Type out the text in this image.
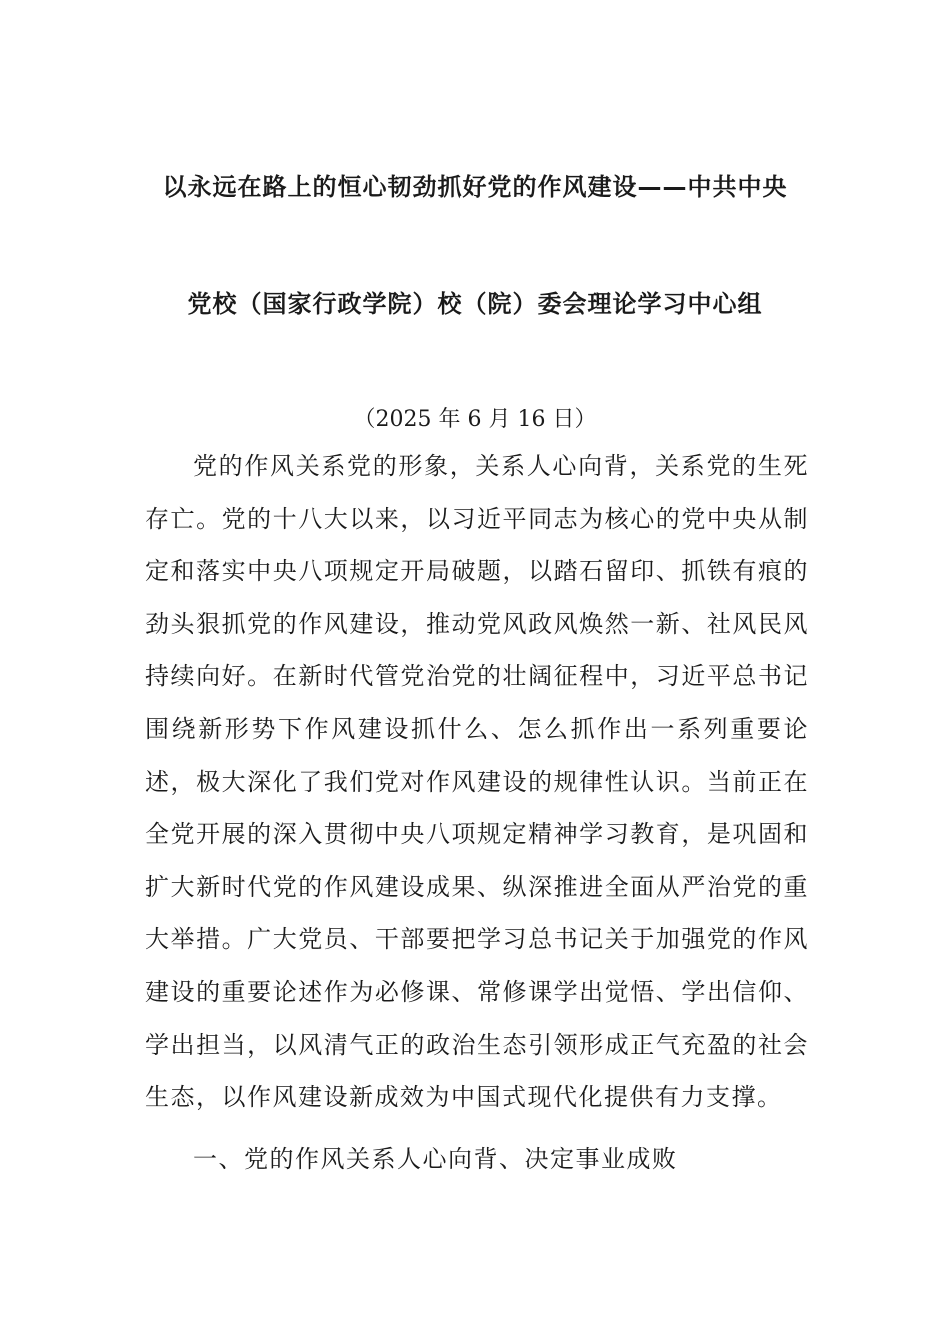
以永远在路上的恒心韧劲抓好党的作风建设——中共中央
党校（国家行政学院）校（院）委会理论学习中心组
（2025 年 6 月 16 日）

党的作风关系党的形象，关系人心向背，关系党的生死存亡。党的十八大以来，以习近平同志为核心的党中央从制定和落实中央八项规定开局破题，以踏石留印、抓铁有痕的劲头狠抓党的作风建设，推动党风政风焕然一新、社风民风持续向好。在新时代管党治党的壮阔征程中，习近平总书记围绕新形势下作风建设抓什么、怎么抓作出一系列重要论述，极大深化了我们党对作风建设的规律性认识。当前正在全党开展的深入贯彻中央八项规定精神学习教育，是巩固和扩大新时代党的作风建设成果、纵深推进全面从严治党的重大举措。广大党员、干部要把学习总书记关于加强党的作风建设的重要论述作为必修课、常修课学出觉悟、学出信仰、学出担当，以风清气正的政治生态引领形成正气充盈的社会生态，以作风建设新成效为中国式现代化提供有力支撑。

一、党的作风关系人心向背、决定事业成败
